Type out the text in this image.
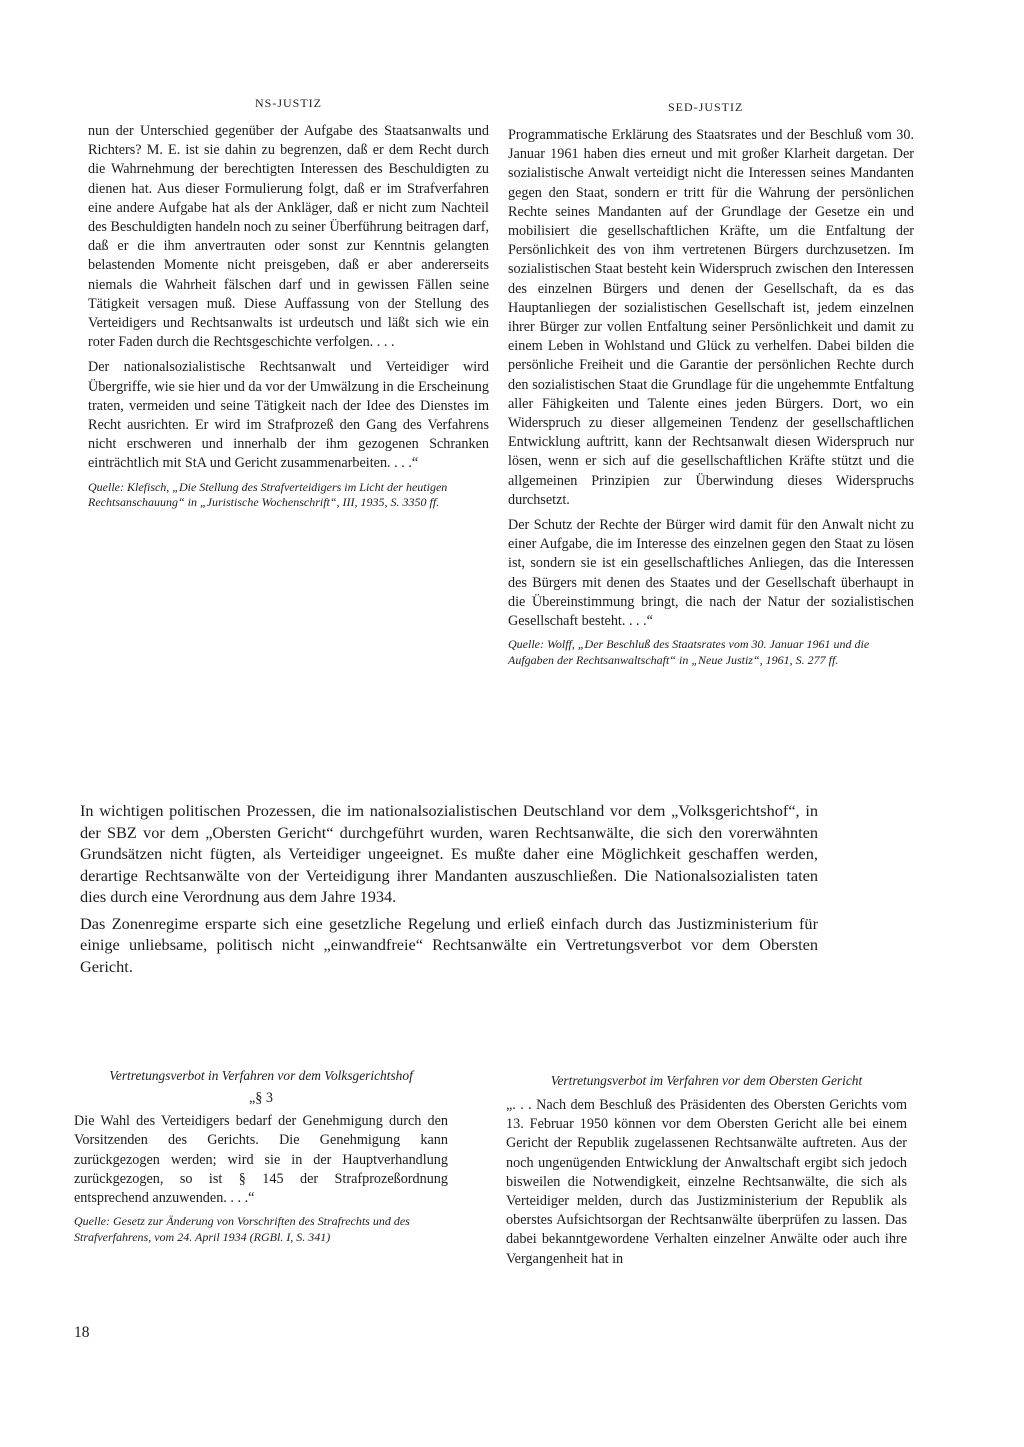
NS-JUSTIZ	SED-JUSTIZ

nun der Unterschied gegenüber der Aufgabe des Staatsanwalts und Richters? M. E. ist sie dahin zu begrenzen, daß er dem Recht durch die Wahrnehmung der berechtigten Interessen des Beschuldigten zu dienen hat. Aus dieser Formulierung folgt, daß er im Strafverfahren eine andere Aufgabe hat als der Ankläger, daß er nicht zum Nachteil des Beschuldigten handeln noch zu seiner Überführung beitragen darf, daß er die ihm anvertrauten oder sonst zur Kenntnis gelangten belastenden Momente nicht preisgeben, daß er aber andererseits niemals die Wahrheit fälschen darf und in gewissen Fällen seine Tätigkeit versagen muß. Diese Auffassung von der Stellung des Verteidigers und Rechtsanwalts ist urdeutsch und läßt sich wie ein roter Faden durch die Rechtsgeschichte verfolgen. . . .

Der nationalsozialistische Rechtsanwalt und Verteidiger wird Übergriffe, wie sie hier und da vor der Umwälzung in die Erscheinung traten, vermeiden und seine Tätigkeit nach der Idee des Dienstes im Recht ausrichten. Er wird im Strafprozeß den Gang des Verfahrens nicht erschweren und innerhalb der ihm gezogenen Schranken einträchtlich mit StA und Gericht zusammenarbeiten. . . .“

Quelle: Klefisch, „Die Stellung des Strafverteidigers im Licht der heutigen Rechtsanschauung“ in „Juristische Wochenschrift“, III, 1935, S. 3350 ff.

Programmatische Erklärung des Staatsrates und der Beschluß vom 30. Januar 1961 haben dies erneut und mit großer Klarheit dargetan. Der sozialistische Anwalt verteidigt nicht die Interessen seines Mandanten gegen den Staat, sondern er tritt für die Wahrung der persönlichen Rechte seines Mandanten auf der Grundlage der Gesetze ein und mobilisiert die gesellschaftlichen Kräfte, um die Entfaltung der Persönlichkeit des von ihm vertretenen Bürgers durchzusetzen. Im sozialistischen Staat besteht kein Widerspruch zwischen den Interessen des einzelnen Bürgers und denen der Gesellschaft, da es das Hauptanliegen der sozialistischen Gesellschaft ist, jedem einzelnen ihrer Bürger zur vollen Entfaltung seiner Persönlichkeit und damit zu einem Leben in Wohlstand und Glück zu verhelfen. Dabei bilden die persönliche Freiheit und die Garantie der persönlichen Rechte durch den sozialistischen Staat die Grundlage für die ungehemmte Entfaltung aller Fähigkeiten und Talente eines jeden Bürgers. Dort, wo ein Widerspruch zu dieser allgemeinen Tendenz der gesellschaftlichen Entwicklung auftritt, kann der Rechtsanwalt diesen Widerspruch nur lösen, wenn er sich auf die gesellschaftlichen Kräfte stützt und die allgemeinen Prinzipien zur Überwindung dieses Widerspruchs durchsetzt.

Der Schutz der Rechte der Bürger wird damit für den Anwalt nicht zu einer Aufgabe, die im Interesse des einzelnen gegen den Staat zu lösen ist, sondern sie ist ein gesellschaftliches Anliegen, das die Interessen des Bürgers mit denen des Staates und der Gesellschaft überhaupt in die Übereinstimmung bringt, die nach der Natur der sozialistischen Gesellschaft besteht. . . .“

Quelle: Wolff, „Der Beschluß des Staatsrates vom 30. Januar 1961 und die Aufgaben der Rechtsanwaltschaft“ in „Neue Justiz“, 1961, S. 277 ff.

In wichtigen politischen Prozessen, die im nationalsozialistischen Deutschland vor dem „Volksgerichtshof“, in der SBZ vor dem „Obersten Gericht“ durchgeführt wurden, waren Rechtsanwälte, die sich den vorerwähnten Grundsätzen nicht fügten, als Verteidiger ungeeignet. Es mußte daher eine Möglichkeit geschaffen werden, derartige Rechtsanwälte von der Verteidigung ihrer Mandanten auszuschließen. Die Nationalsozialisten taten dies durch eine Verordnung aus dem Jahre 1934.

Das Zonenregime ersparte sich eine gesetzliche Regelung und erließ einfach durch das Justizministerium für einige unliebsame, politisch nicht „einwandfreie“ Rechtsanwälte ein Vertretungsverbot vor dem Obersten Gericht.

Vertretungsverbot in Verfahren vor dem Volksgerichtshof
„§ 3

Die Wahl des Verteidigers bedarf der Genehmigung durch den Vorsitzenden des Gerichts. Die Genehmigung kann zurückgezogen werden; wird sie in der Hauptverhandlung zurückgezogen, so ist § 145 der Strafprozeßordnung entsprechend anzuwenden. . . .“

Quelle: Gesetz zur Änderung von Vorschriften des Strafrechts und des Strafverfahrens, vom 24. April 1934 (RGBl. I, S. 341)
Vertretungsverbot im Verfahren vor dem Obersten Gericht

„. . . Nach dem Beschluß des Präsidenten des Obersten Gerichts vom 13. Februar 1950 können vor dem Obersten Gericht alle bei einem Gericht der Republik zugelassenen Rechtsanwälte auftreten. Aus der noch ungenügenden Entwicklung der Anwaltschaft ergibt sich jedoch bisweilen die Notwendigkeit, einzelne Rechtsanwälte, die sich als Verteidiger melden, durch das Justizministerium der Republik als oberstes Aufsichtsorgan der Rechtsanwälte überprüfen zu lassen. Das dabei bekanntgewordene Verhalten einzelner Anwälte oder auch ihre Vergangenheit hat in

18
